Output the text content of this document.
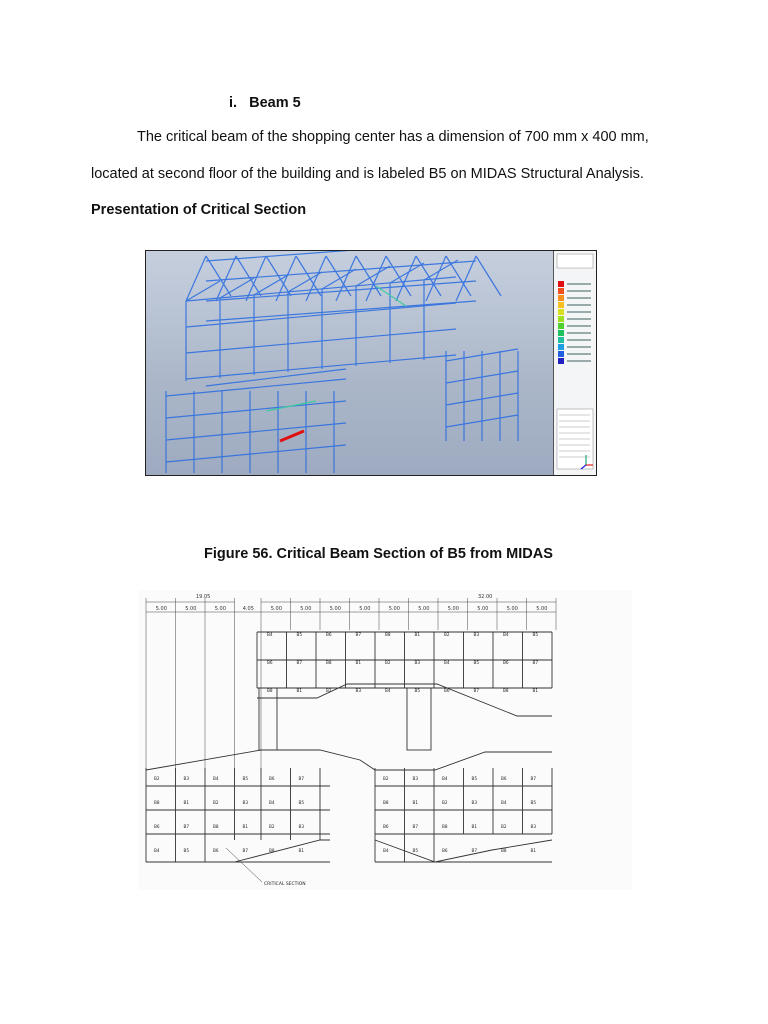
i. Beam 5
The critical beam of the shopping center has a dimension of 700 mm x 400 mm,
located at second floor of the building and is labeled B5 on MIDAS Structural Analysis.
Presentation of Critical Section
Figure 56. Critical Beam Section of B5 from MIDAS
5.00	5.00	5.00	4.05	5.00	5.00	5.00	5.00	5.00	5.00	5.00	5.00	5.00	5.00
B4	B5	B6	B7	B8	B1	B2	B3	B4	B5
B6	B7	B8	B1	B2	B3	B4	B5	B6	B7
B8	B1	B2	B3	B4	B5	B6	B7	B8	B1
B2	B3	B4	B5	B6	B7
B8	B1	B2	B3	B4	B5
B6	B7	B8	B1	B2	B3
B4	B5	B6	B7	B8	B1
B2	B3	B4	B5	B6	B7
B8	B1	B2	B3	B4	B5
B6	B7	B8	B1	B2	B3
B4	B5	B6	B7	B8	B1
19.05	32.00
CRITICAL SECTION
